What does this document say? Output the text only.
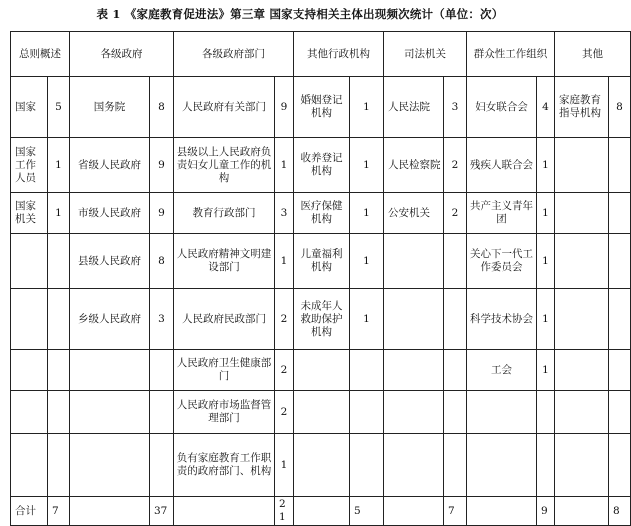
表 1 《家庭教育促进法》第三章 国家支持相关主体出现频次统计（单位：次）
总则概述		各级政府		各级政府部门		其他行政机构		司法机关		群众性工作组织		其他	
国家	5	国务院	8	人民政府有关部门	9	婚姻登记机构	1	人民法院	3	妇女联合会	4	家庭教育指导机构	8
国家工作人员	1	省级人民政府	9	县级以上人民政府负责妇女儿童工作的机构	1	收养登记机构	1	人民检察院	2	残疾人联合会	1		
国家机关	1	市级人民政府	9	教育行政部门	3	医疗保健机构	1	公安机关	2	共产主义青年团	1		
		县级人民政府	8	人民政府精神文明建设部门	1	儿童福利机构	1			关心下一代工作委员会	1		
		乡级人民政府	3	人民政府民政部门	2	未成年人救助保护机构	1			科学技术协会	1		
				人民政府卫生健康部门	2					工会	1		
				人民政府市场监督管理部门	2								
				负有家庭教育工作职责的政府部门、机构	1								
合计	7		37		21		5		7		9		8
